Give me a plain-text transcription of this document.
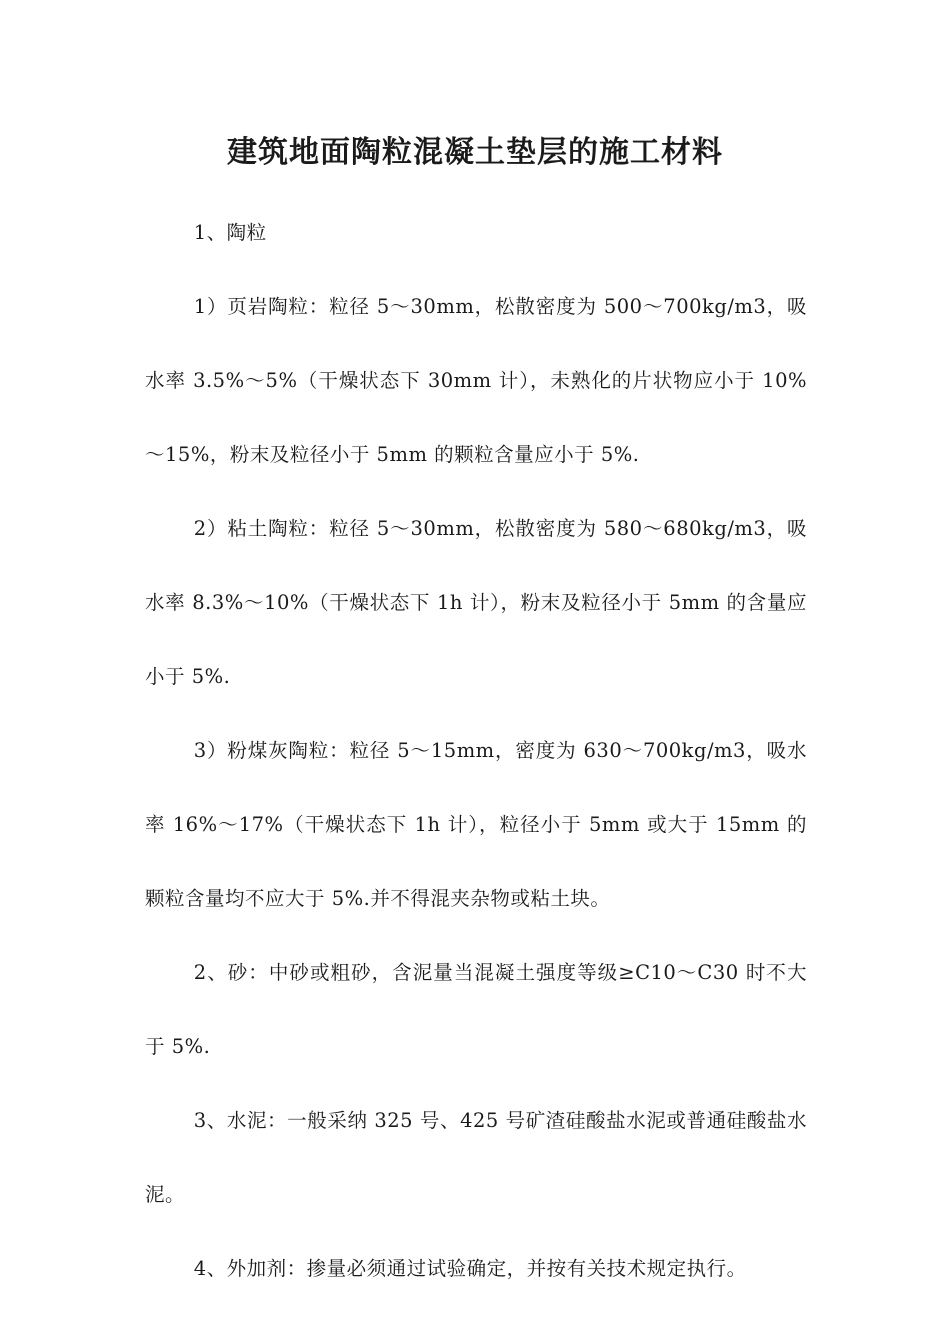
建筑地面陶粒混凝土垫层的施工材料

1、陶粒

1）页岩陶粒：粒径 5～30mm，松散密度为 500～700kg/m3，吸水率 3.5%～5%（干燥状态下 30mm 计），未熟化的片状物应小于 10%～15%，粉末及粒径小于 5mm 的颗粒含量应小于 5%.

2）粘土陶粒：粒径 5～30mm，松散密度为 580～680kg/m3，吸水率 8.3%～10%（干燥状态下 1h 计），粉末及粒径小于 5mm 的含量应小于 5%.

3）粉煤灰陶粒：粒径 5～15mm，密度为 630～700kg/m3，吸水率 16%～17%（干燥状态下 1h 计），粒径小于 5mm 或大于 15mm 的颗粒含量均不应大于 5%.并不得混夹杂物或粘土块。

2、砂：中砂或粗砂，含泥量当混凝土强度等级≥C10～C30 时不大于 5%.

3、水泥：一般采纳 325 号、425 号矿渣硅酸盐水泥或普通硅酸盐水泥。

4、外加剂：掺量必须通过试验确定，并按有关技术规定执行。
